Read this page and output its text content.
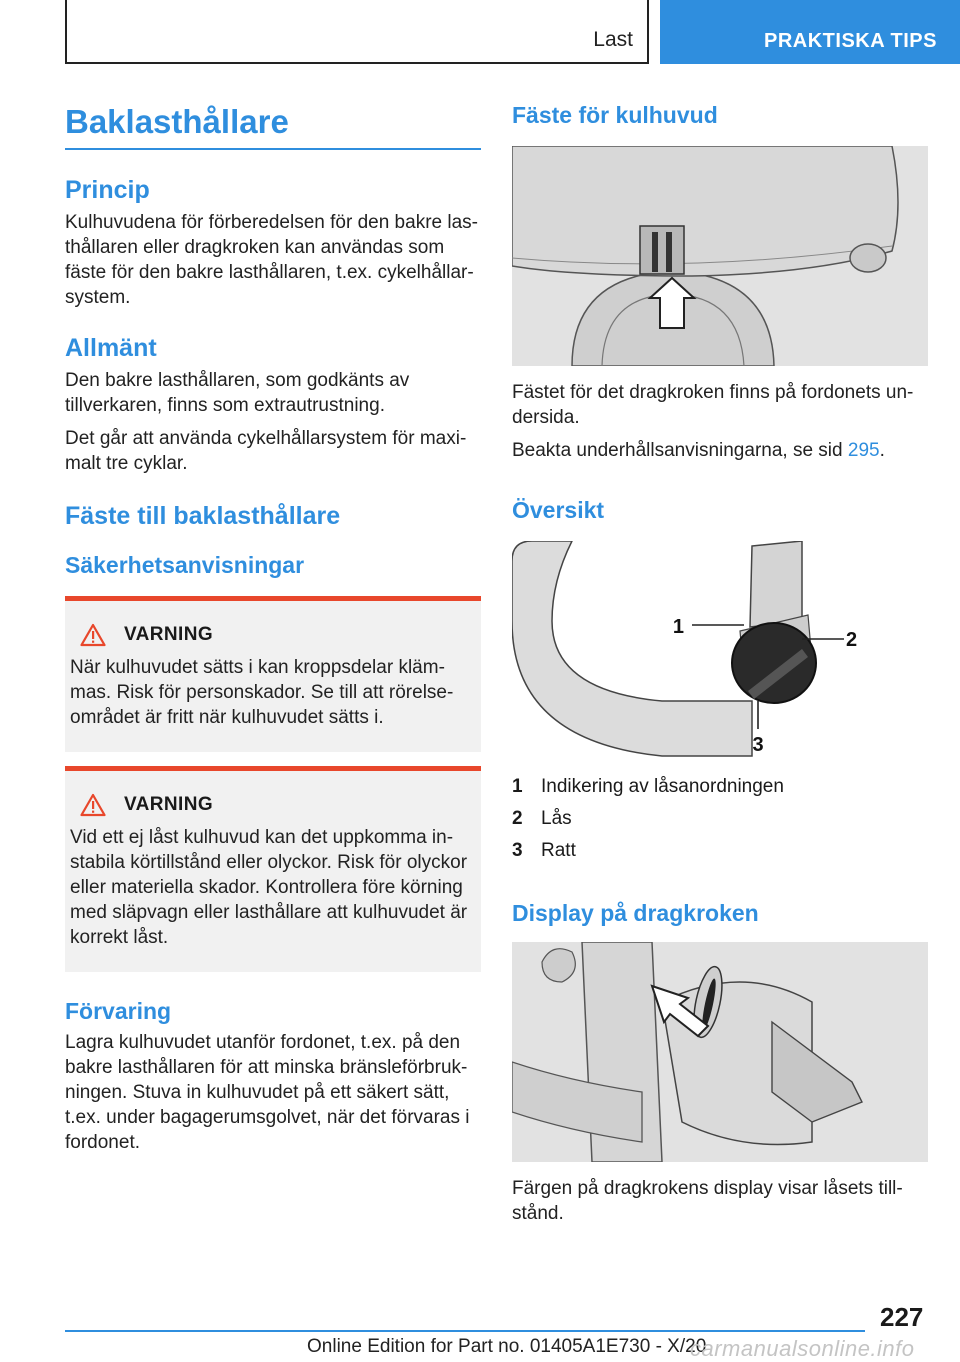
Last	PRAKTISKA TIPS
Baklasthållare
Princip
Kulhuvudena för förberedelsen för den bakre lasthållaren eller dragkroken kan användas som fäste för den bakre lasthållaren, t.ex. cykelhållarsystem.
Allmänt
Den bakre lasthållaren, som godkänts av tillverkaren, finns som extrautrustning.
Det går att använda cykelhållarsystem för maximalt tre cyklar.
Fäste till baklasthållare
Säkerhetsanvisningar
VARNING
När kulhuvudet sätts i kan kroppsdelar klämmas. Risk för personskador. Se till att rörelseområdet är fritt när kulhuvudet sätts i.
VARNING
Vid ett ej låst kulhuvud kan det uppkomma instabila körtillstånd eller olyckor. Risk för olyckor eller materiella skador. Kontrollera före körning med släpvagn eller lasthållare att kulhuvudet är korrekt låst.
Förvaring
Lagra kulhuvudet utanför fordonet, t.ex. på den bakre lasthållaren för att minska bränsleförbrukningen. Stuva in kulhuvudet på ett säkert sätt, t.ex. under bagagerumsgolvet, när det förvaras i fordonet.
Fäste för kulhuvud
Fästet för det dragkroken finns på fordonets undersida.
Beakta underhållsanvisningarna, se sid 295.
Översikt
1
2
3
1 Indikering av låsanordningen
2 Lås
3 Ratt
Display på dragkroken
Färgen på dragkrokens display visar låsets tillstånd.
227
Online Edition for Part no. 01405A1E730 - X/20
carmanualsonline.info
